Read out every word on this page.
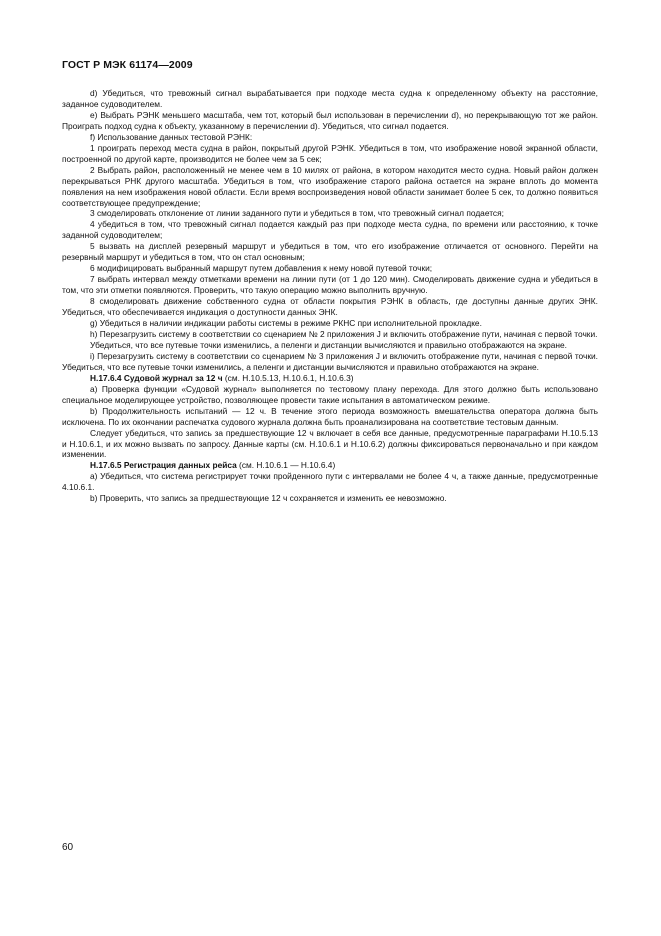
ГОСТ Р МЭК 61174—2009

d) Убедиться, что тревожный сигнал вырабатывается при подходе места судна к определенному объекту на расстояние, заданное судоводителем.

e) Выбрать РЭНК меньшего масштаба, чем тот, который был использован в перечислении d), но перекрывающую тот же район. Проиграть подход судна к объекту, указанному в перечислении d). Убедиться, что сигнал подается.

f) Использование данных тестовой РЭНК:

1 проиграть переход места судна в район, покрытый другой РЭНК. Убедиться в том, что изображение новой экранной области, построенной по другой карте, производится не более чем за 5 сек;

2 Выбрать район, расположенный не менее чем в 10 милях от района, в котором находится место судна. Новый район должен перекрываться РНК другого масштаба. Убедиться в том, что изображение старого района остается на экране вплоть до момента появления на нем изображения новой области. Если время воспроизведения новой области занимает более 5 сек, то должно появиться соответствующее предупреждение;

3 смоделировать отклонение от линии заданного пути и убедиться в том, что тревожный сигнал подается;

4 убедиться в том, что тревожный сигнал подается каждый раз при подходе места судна, по времени или расстоянию, к точке заданной судоводителем;

5 вызвать на дисплей резервный маршрут и убедиться в том, что его изображение отличается от основного. Перейти на резервный маршрут и убедиться в том, что он стал основным;

6 модифицировать выбранный маршрут путем добавления к нему новой путевой точки;

7 выбрать интервал между отметками времени на линии пути (от 1 до 120 мин). Смоделировать движение судна и убедиться в том, что эти отметки появляются. Проверить, что такую операцию можно выполнить вручную.

8 смоделировать движение собственного судна от области покрытия РЭНК в область, где доступны данные других ЭНК. Убедиться, что обеспечивается индикация о доступности данных ЭНК.

g) Убедиться в наличии индикации работы системы в режиме РКНС при исполнительной прокладке.

h) Перезагрузить систему в соответствии со сценарием № 2 приложения J и включить отображение пути, начиная с первой точки.

Убедиться, что все путевые точки изменились, а пеленги и дистанции вычисляются и правильно отображаются на экране.

i) Перезагрузить систему в соответствии со сценарием № 3 приложения J и включить отображение пути, начиная с первой точки. Убедиться, что все путевые точки изменились, а пеленги и дистанции вычисляются и правильно отображаются на экране.

Н.17.6.4 Судовой журнал за 12 ч (см. Н.10.5.13, Н.10.6.1, Н.10.6.3)

a) Проверка функции «Судовой журнал» выполняется по тестовому плану перехода. Для этого должно быть использовано специальное моделирующее устройство, позволяющее провести такие испытания в автоматическом режиме.

b) Продолжительность испытаний — 12 ч. В течение этого периода возможность вмешательства оператора должна быть исключена. По их окончании распечатка судового журнала должна быть проанализирована на соответствие тестовым данным.

Следует убедиться, что запись за предшествующие 12 ч включает в себя все данные, предусмотренные параграфами Н.10.5.13 и Н.10.6.1, и их можно вызвать по запросу. Данные карты (см. Н.10.6.1 и Н.10.6.2) должны фиксироваться первоначально и при каждом изменении.

Н.17.6.5 Регистрация данных рейса (см. Н.10.6.1 — Н.10.6.4)

a) Убедиться, что система регистрирует точки пройденного пути с интервалами не более 4 ч, а также данные, предусмотренные 4.10.6.1.

b) Проверить, что запись за предшествующие 12 ч сохраняется и изменить ее невозможно.

60
